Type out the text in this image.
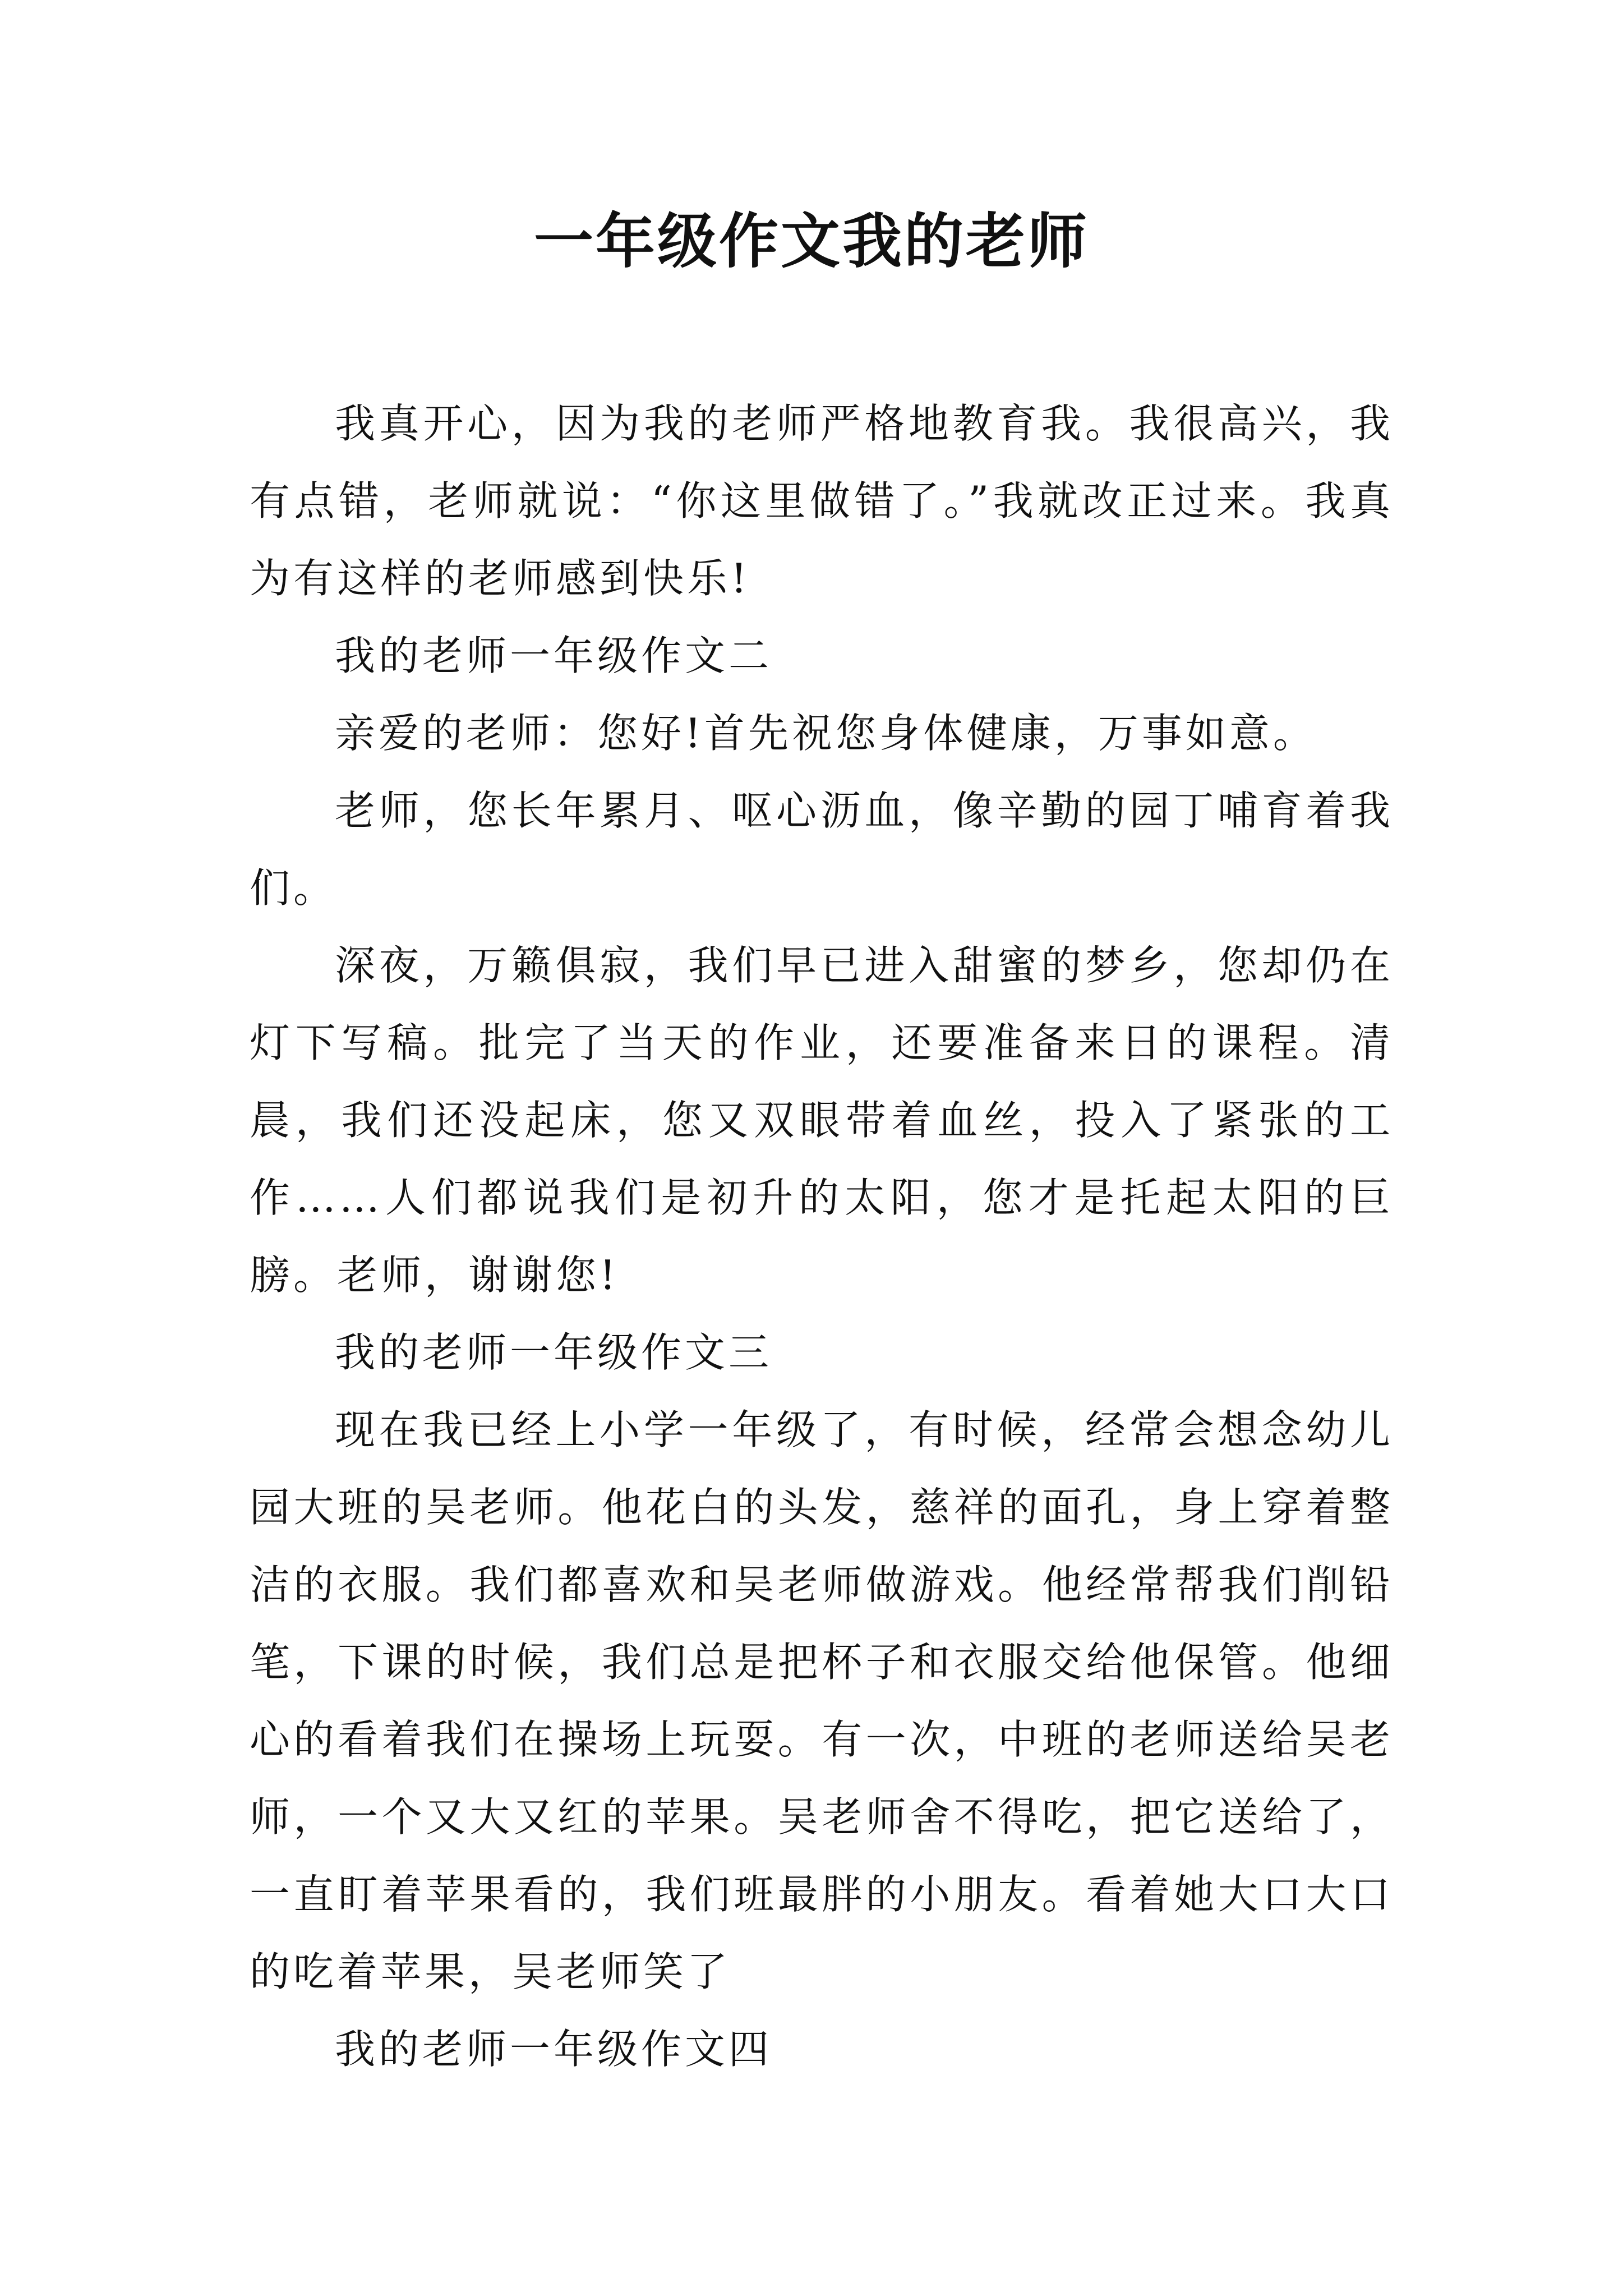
一年级作文我的老师

我真开心，因为我的老师严格地教育我。我很高兴，我有点错，老师就说：“你这里做错了。”我就改正过来。我真为有这样的老师感到快乐!

我的老师一年级作文二

亲爱的老师：您好!首先祝您身体健康，万事如意。

老师，您长年累月、呕心沥血，像辛勤的园丁哺育着我们。

深夜，万籁俱寂，我们早已进入甜蜜的梦乡，您却仍在灯下写稿。批完了当天的作业，还要准备来日的课程。清晨，我们还没起床，您又双眼带着血丝，投入了紧张的工作……人们都说我们是初升的太阳，您才是托起太阳的巨膀。老师，谢谢您!

我的老师一年级作文三

现在我已经上小学一年级了，有时候，经常会想念幼儿园大班的吴老师。他花白的头发，慈祥的面孔，身上穿着整洁的衣服。我们都喜欢和吴老师做游戏。他经常帮我们削铅笔，下课的时候，我们总是把杯子和衣服交给他保管。他细心的看着我们在操场上玩耍。有一次，中班的老师送给吴老师，一个又大又红的苹果。吴老师舍不得吃，把它送给了，一直盯着苹果看的，我们班最胖的小朋友。看着她大口大口的吃着苹果，吴老师笑了

我的老师一年级作文四
